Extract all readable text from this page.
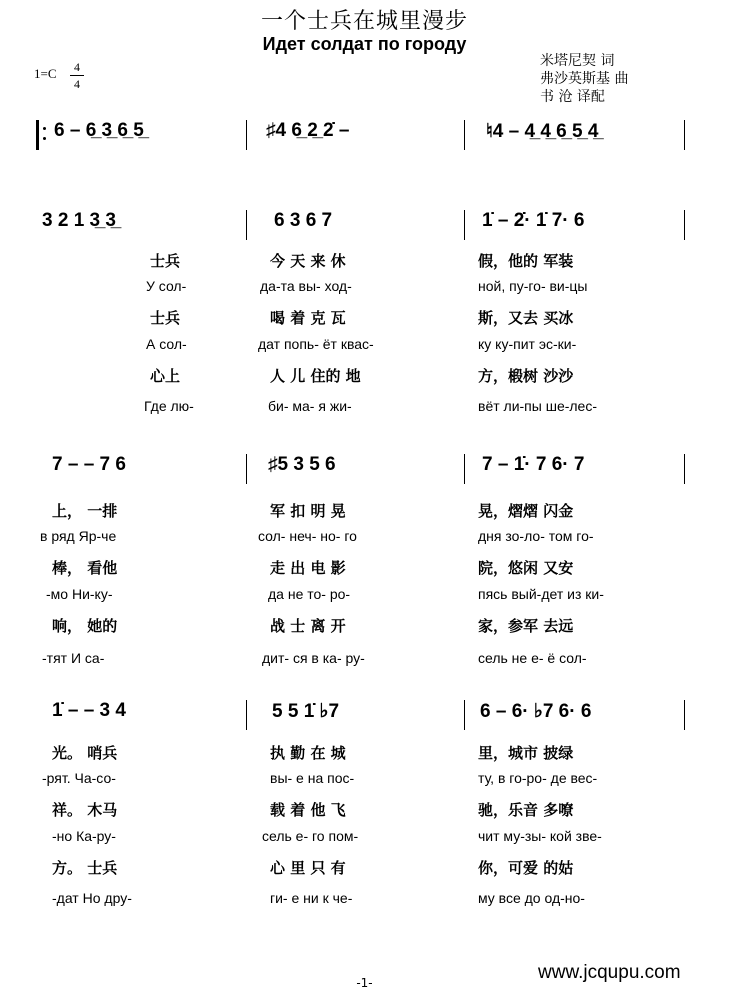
一个士兵在城里漫步
Идет солдат по городу
米塔尼契 词
弗沙英斯基 曲
书 沧 译配
1=C	4
4
6 – 6̲ 3̲ 6̲ 5̲	♯4 6̲ 2̲ 2̇ –	♮4 – 4̲ 4̲ 6̲ 5̲ 4̲
3 2 1 3̲ 3̲	6 3 6 7	1̇ – 2̇· 1̇ 7· 6
士兵	今 天 来 休	假，他的 军装
У сол-	да-та вы- ход-	ной, пу-го- ви-цы
士兵	喝 着 克 瓦	斯，又去 买冰
А сол-	дат попь- ёт квас-	ку ку-пит эс-ки-
心上	人 儿 住的 地	方，椴树 沙沙
Где лю-	би- ма- я жи-	вёт ли-пы ше-лес-
7 – – 7 6	♯5 3 5 6	7 – 1̇· 7 6· 7
上， 一排	军 扣 明 晃	晃，熠熠 闪金
в ряд Яр-че	сол- неч- но- го	дня зо-ло- том го-
棒， 看他	走 出 电 影	院，悠闲 又安
-мо Ни-ку-	да не то- ро-	пясь вый-дет из ки-
响， 她的	战 士 离 开	家，参军 去远
-тят И са-	дит- ся в ка- ру-	сель не е- ё сол-
1̇ – – 3 4	5 5 1̇ ♭7	6 – 6· ♭7 6· 6
光。 哨兵	执 勤 在 城	里，城市 披绿
-рят. Ча-со-	вы- е на пос-	ту, в го-ро- де вес-
祥。 木马	载 着 他 飞	驰，乐音 多嘹
-но Ка-ру-	сель е- го пом-	чит му-зы- кой зве-
方。 士兵	心 里 只 有	你，可爱 的姑
-дат Но дру-	ги- е ни к че-	му все до од-но-
www.jcqupu.com
-1-
